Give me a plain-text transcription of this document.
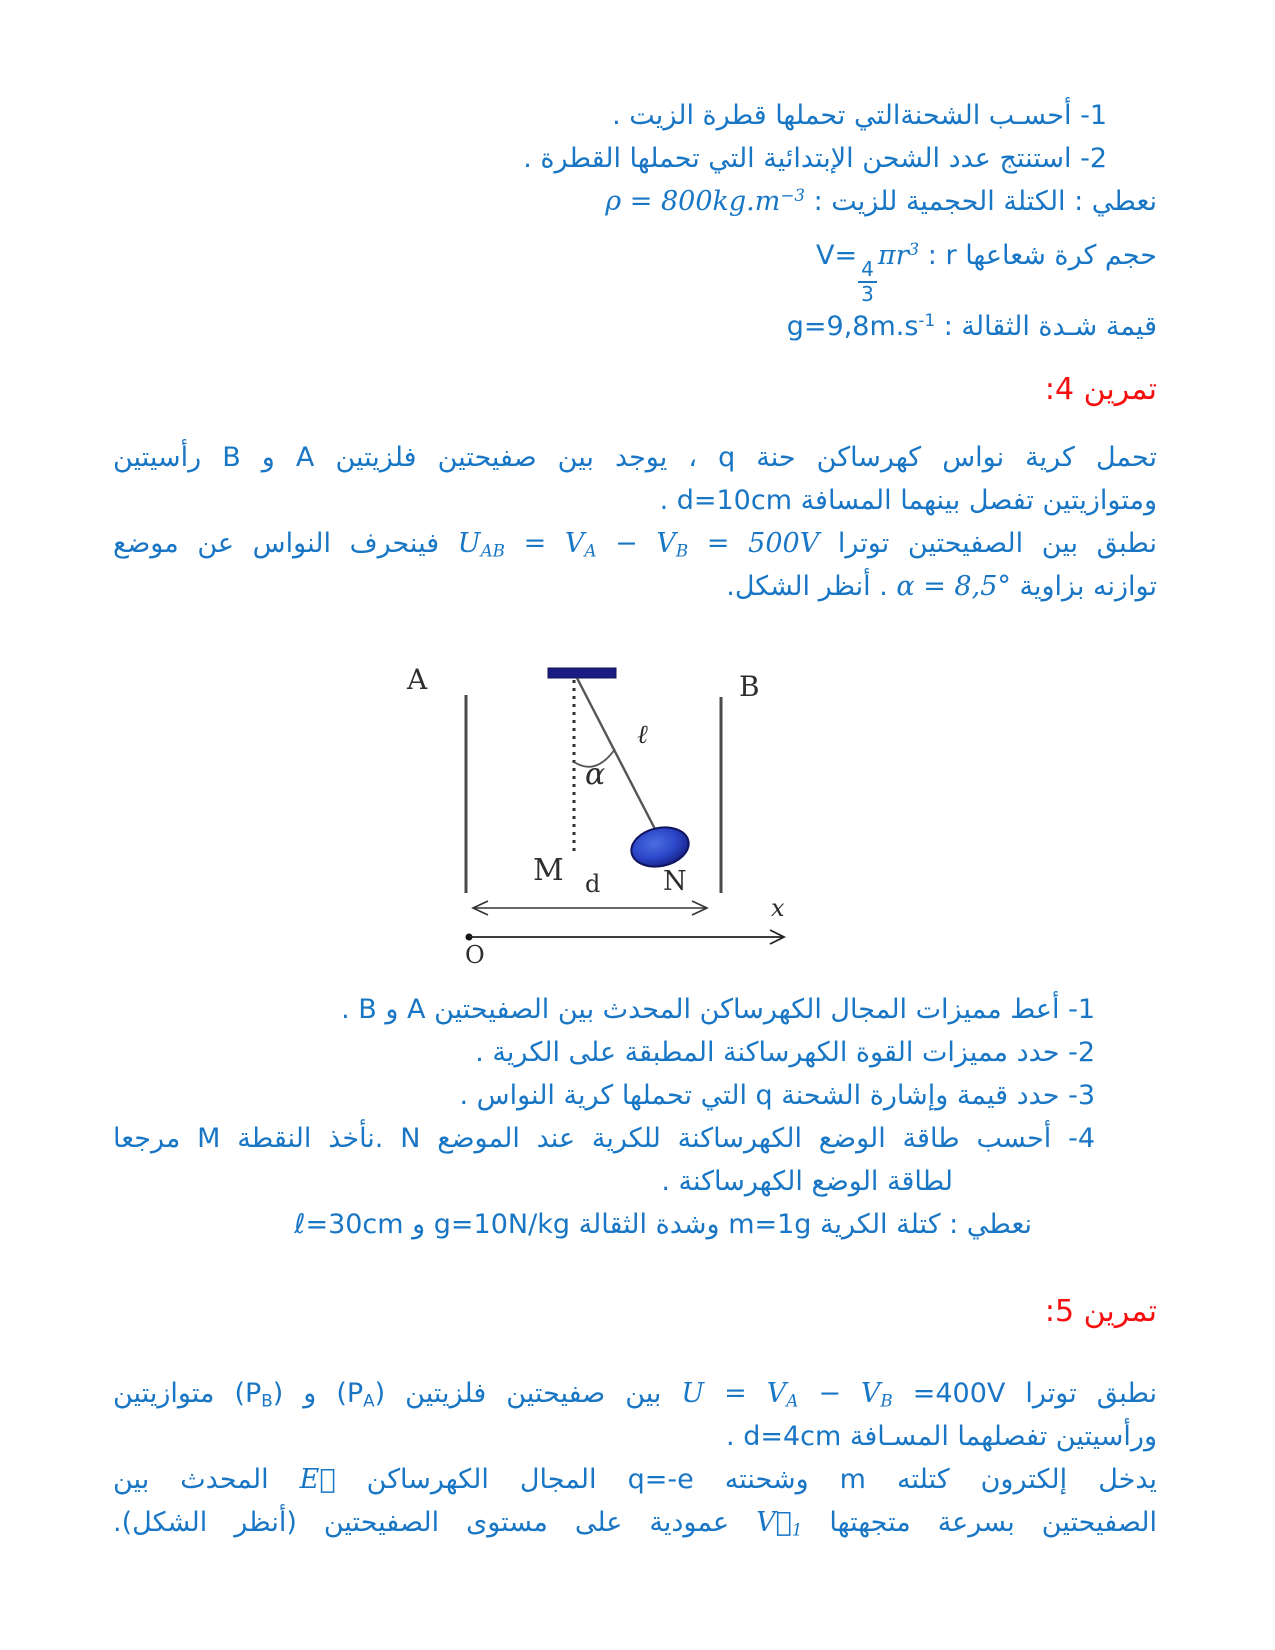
1- أحسـب الشحنةالتي تحملها قطرة الزيت .
2- استنتج عدد الشحن الإبتدائية التي تحملها القطرة .
نعطي : الكتلة الحجمية للزيت : $\rho = 800kg.m^{-3}$
حجم كرة شعاعها V=
$\frac{4}{3}$
$\pi r^3$ : r
قيمة شـدة الثقالة : $g=9,8m.s^{-1}$
تمرين 4:
تحمل كرية نواس كهرساكن حنة q ، يوجد بين صفيحتين فلزيتين A و B رأسيتين
ومتوازيتين تفصل بينهما المسافة d=10cm .
نطبق بين الصفيحتين توترا $U_{AB} = V_A - V_B = 500V$ فينحرف النواس عن موضع
توازنه بزاوية α = 8,5° . أنظر الشكل.
A	B
ℓ
α
M d N
x
O
1- أعط مميزات المجال الكهرساكن المحدث بين الصفيحتين A و B .
2- حدد مميزات القوة الكهرساكنة المطبقة على الكرية .
3- حدد قيمة وإشارة الشحنة q التي تحملها كرية النواس .
4- أحسب طاقة الوضع الكهرساكنة للكرية عند الموضع N .نأخذ النقطة M مرجعا
لطاقة الوضع الكهرساكنة .
نعطي : كتلة الكرية m=1g وشدة الثقالة g=10N/kg و ℓ=30cm
تمرين 5:
نطبق توترا $U = V_A - V_B =400V$ بين صفيحتين فلزيتين $(P_A)$ و $(P_B)$ متوازيتين
ورأسيتين تفصلهما المسـافة d=4cm .
يدخل إلكترون كتلته m وشحنته q=-e المجال الكهرساكن E⃗ المحدث بين
الصفيحتين بسرعة متجهتها $V⃗_1$ عمودية على مستوى الصفيحتين (أنظر الشكل).
